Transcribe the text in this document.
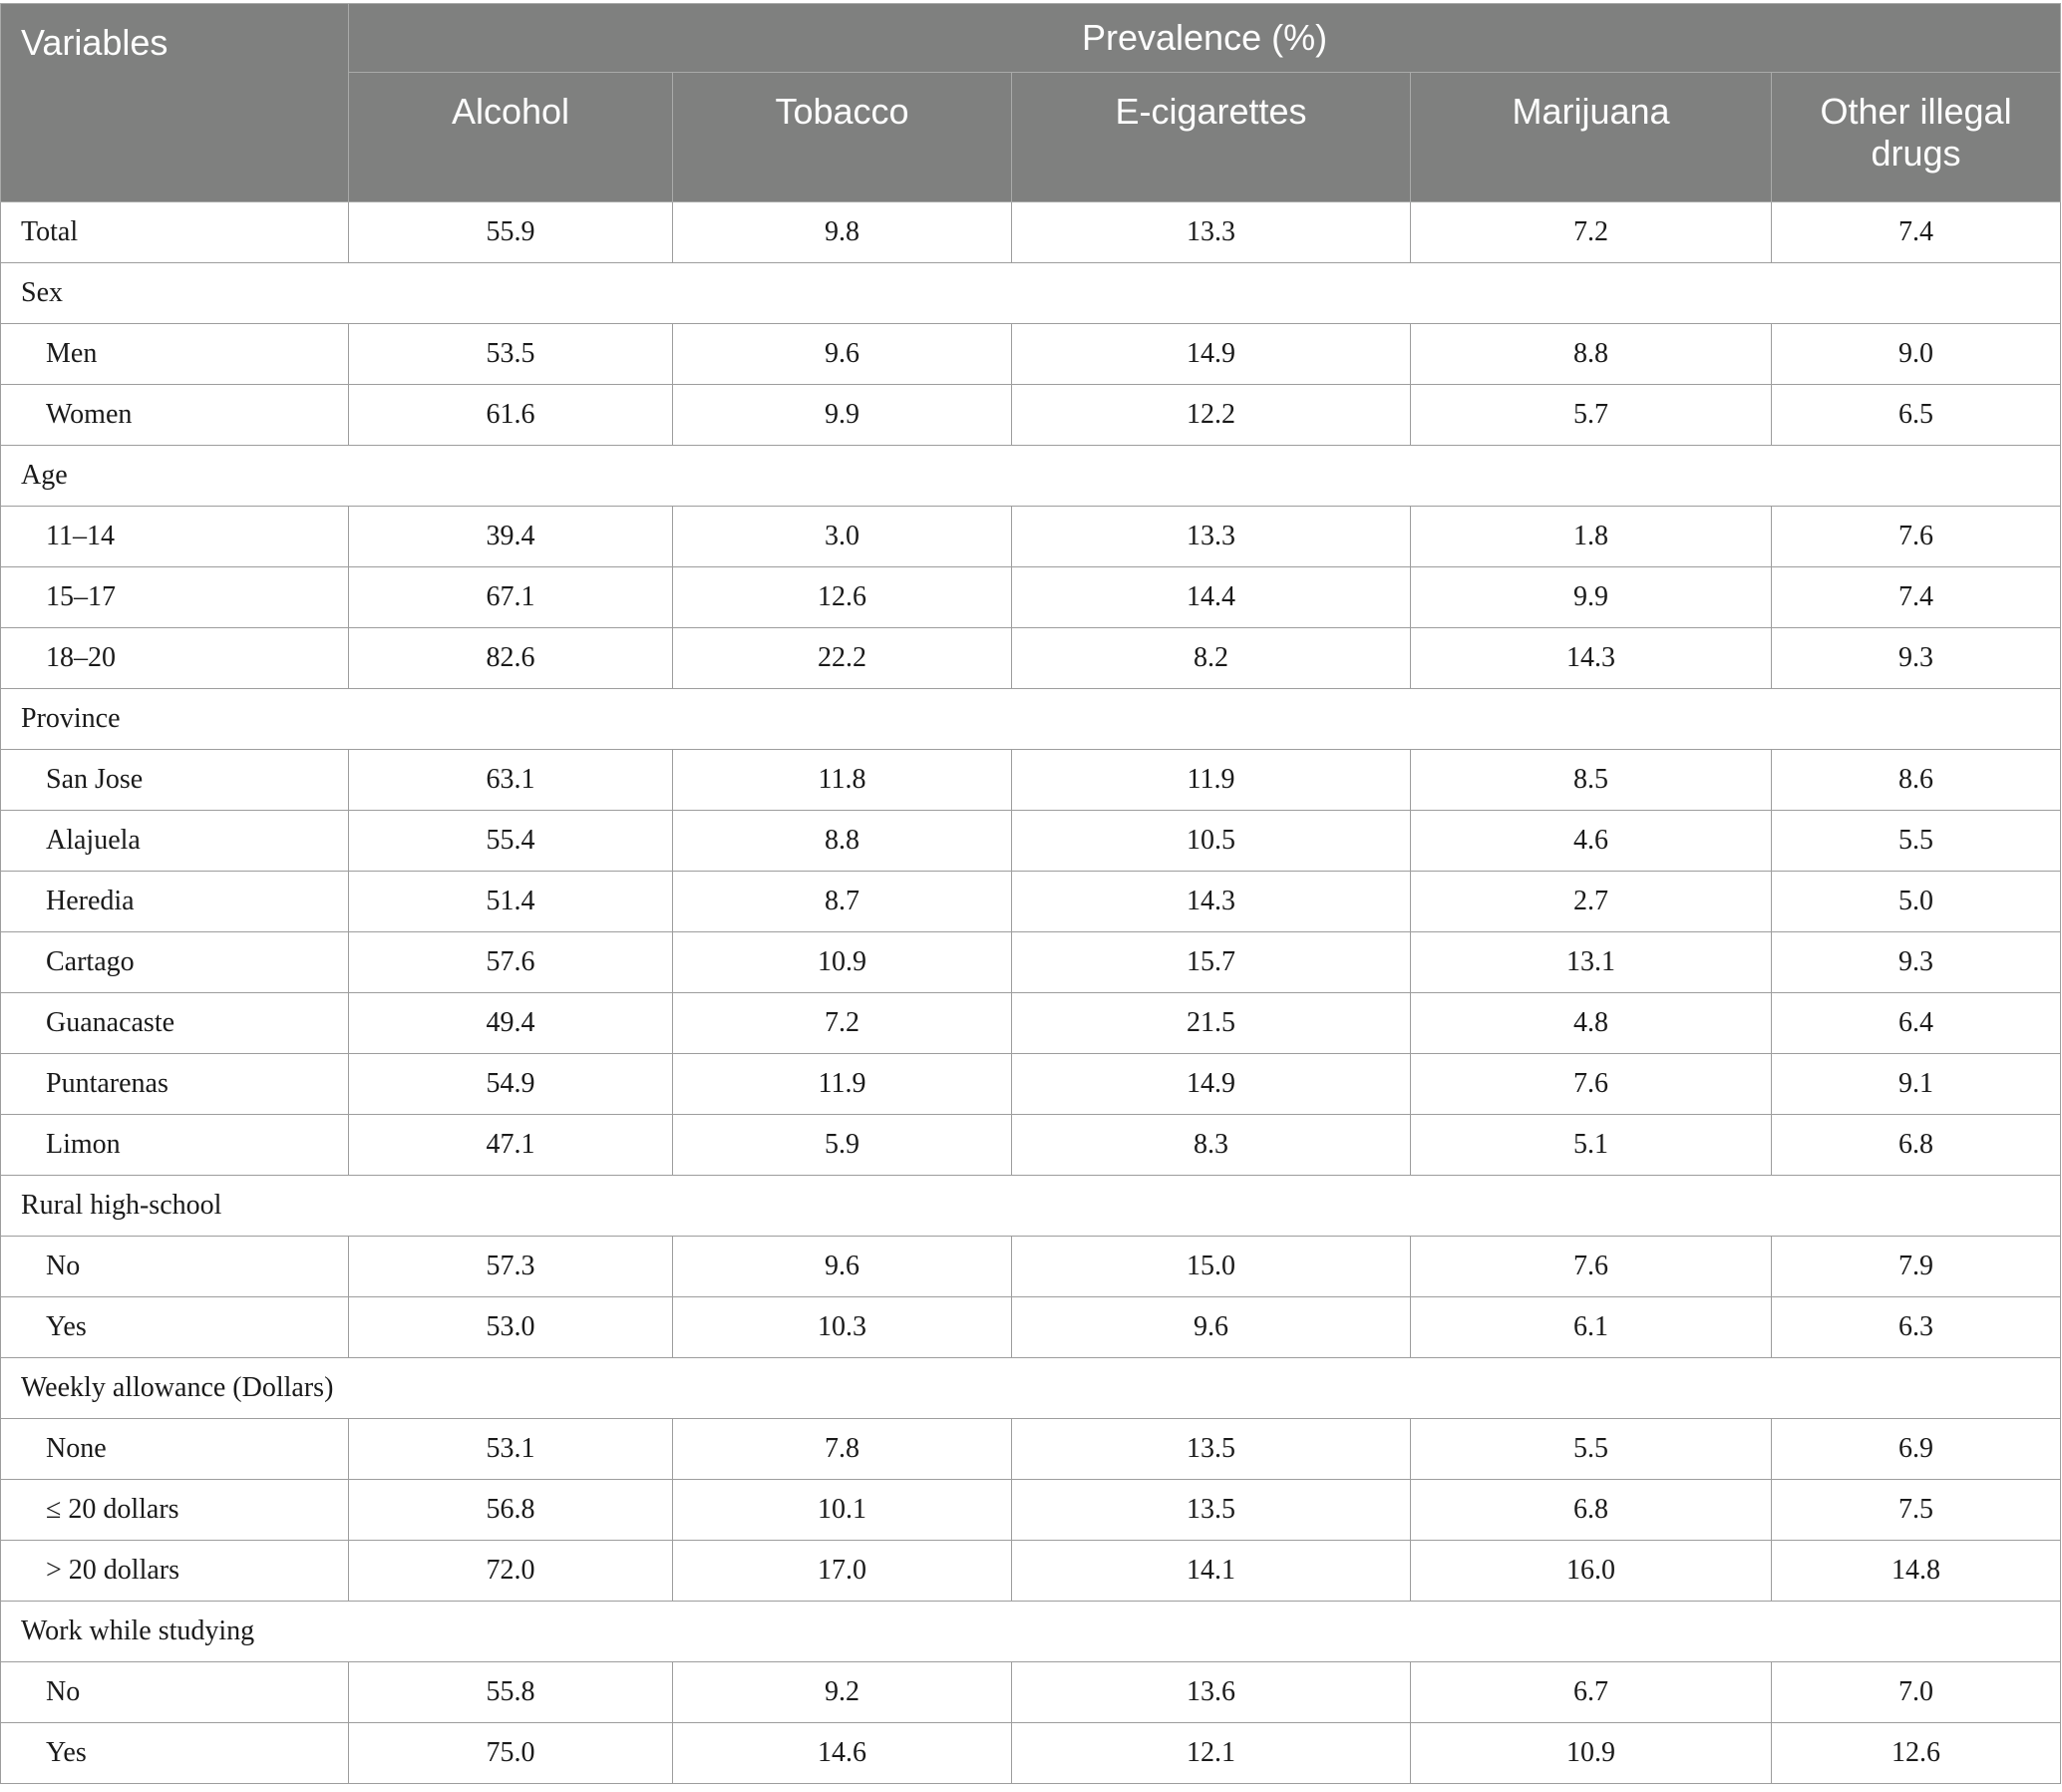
Variables	Prevalence (%)				
	Alcohol	Tobacco	E-cigarettes	Marijuana	Other illegal drugs
Total	55.9	9.8	13.3	7.2	7.4
Sex					
Men	53.5	9.6	14.9	8.8	9.0
Women	61.6	9.9	12.2	5.7	6.5
Age					
11–14	39.4	3.0	13.3	1.8	7.6
15–17	67.1	12.6	14.4	9.9	7.4
18–20	82.6	22.2	8.2	14.3	9.3
Province					
San Jose	63.1	11.8	11.9	8.5	8.6
Alajuela	55.4	8.8	10.5	4.6	5.5
Heredia	51.4	8.7	14.3	2.7	5.0
Cartago	57.6	10.9	15.7	13.1	9.3
Guanacaste	49.4	7.2	21.5	4.8	6.4
Puntarenas	54.9	11.9	14.9	7.6	9.1
Limon	47.1	5.9	8.3	5.1	6.8
Rural high-school					
No	57.3	9.6	15.0	7.6	7.9
Yes	53.0	10.3	9.6	6.1	6.3
Weekly allowance (Dollars)					
None	53.1	7.8	13.5	5.5	6.9
≤ 20 dollars	56.8	10.1	13.5	6.8	7.5
> 20 dollars	72.0	17.0	14.1	16.0	14.8
Work while studying					
No	55.8	9.2	13.6	6.7	7.0
Yes	75.0	14.6	12.1	10.9	12.6
